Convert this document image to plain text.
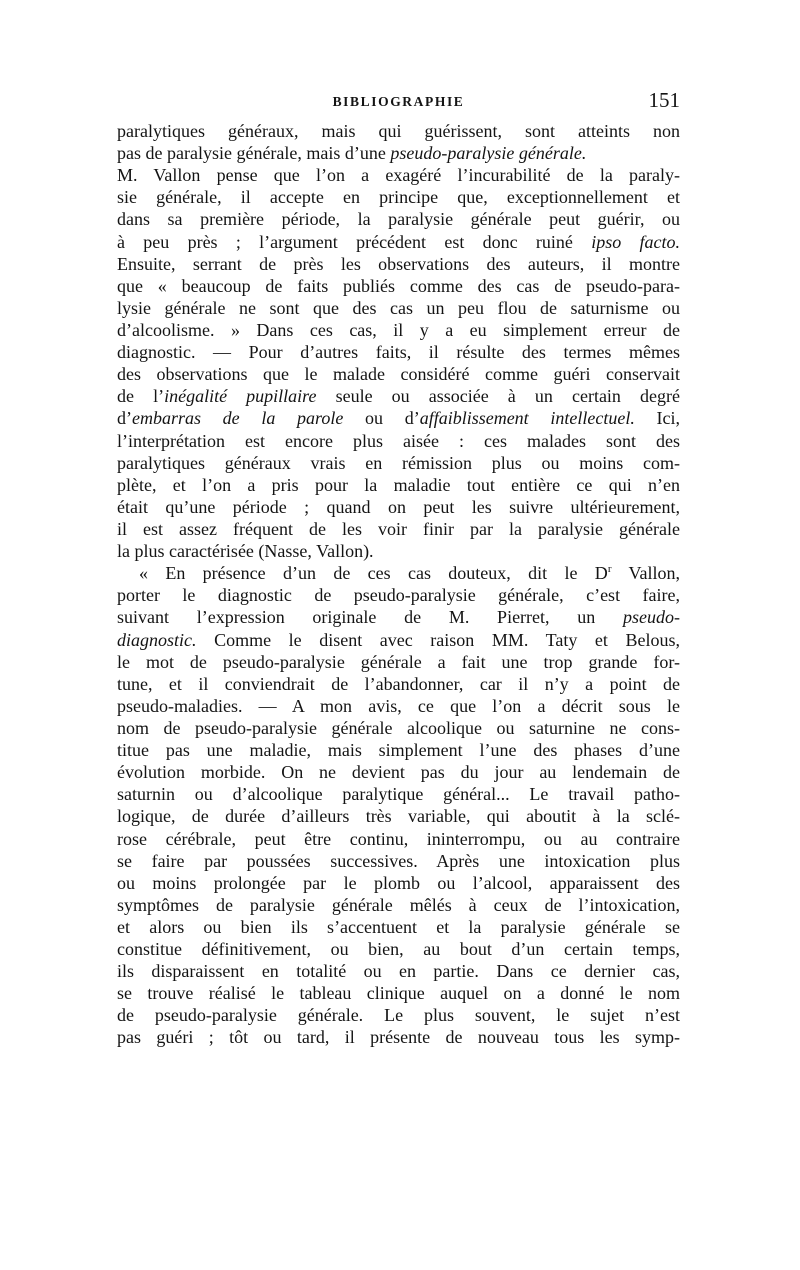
BIBLIOGRAPHIE	151
paralytiques généraux, mais qui guérissent, sont atteints non
pas de paralysie générale, mais d’une pseudo-paralysie générale.
M. Vallon pense que l’on a exagéré l’incurabilité de la paraly-
sie générale, il accepte en principe que, exceptionnellement et
dans sa première période, la paralysie générale peut guérir, ou
à peu près ; l’argument précédent est donc ruiné ipso facto.
Ensuite, serrant de près les observations des auteurs, il montre
que « beaucoup de faits publiés comme des cas de pseudo-para-
lysie générale ne sont que des cas un peu flou de saturnisme ou
d’alcoolisme. » Dans ces cas, il y a eu simplement erreur de
diagnostic. — Pour d’autres faits, il résulte des termes mêmes
des observations que le malade considéré comme guéri conservait
de l’inégalité pupillaire seule ou associée à un certain degré
d’embarras de la parole ou d’affaiblissement intellectuel. Ici,
l’interprétation est encore plus aisée : ces malades sont des
paralytiques généraux vrais en rémission plus ou moins com-
plète, et l’on a pris pour la maladie tout entière ce qui n’en
était qu’une période ; quand on peut les suivre ultérieurement,
il est assez fréquent de les voir finir par la paralysie générale
la plus caractérisée (Nasse, Vallon).
« En présence d’un de ces cas douteux, dit le $D^r$ Vallon,
porter le diagnostic de pseudo-paralysie générale, c’est faire,
suivant l’expression originale de M. Pierret, un pseudo-
diagnostic. Comme le disent avec raison MM. Taty et Belous,
le mot de pseudo-paralysie générale a fait une trop grande for-
tune, et il conviendrait de l’abandonner, car il n’y a point de
pseudo-maladies. — A mon avis, ce que l’on a décrit sous le
nom de pseudo-paralysie générale alcoolique ou saturnine ne cons-
titue pas une maladie, mais simplement l’une des phases d’une
évolution morbide. On ne devient pas du jour au lendemain de
saturnin ou d’alcoolique paralytique général... Le travail patho-
logique, de durée d’ailleurs très variable, qui aboutit à la sclé-
rose cérébrale, peut être continu, ininterrompu, ou au contraire
se faire par poussées successives. Après une intoxication plus
ou moins prolongée par le plomb ou l’alcool, apparaissent des
symptômes de paralysie générale mêlés à ceux de l’intoxication,
et alors ou bien ils s’accentuent et la paralysie générale se
constitue définitivement, ou bien, au bout d’un certain temps,
ils disparaissent en totalité ou en partie. Dans ce dernier cas,
se trouve réalisé le tableau clinique auquel on a donné le nom
de pseudo-paralysie générale. Le plus souvent, le sujet n’est
pas guéri ; tôt ou tard, il présente de nouveau tous les symp-
